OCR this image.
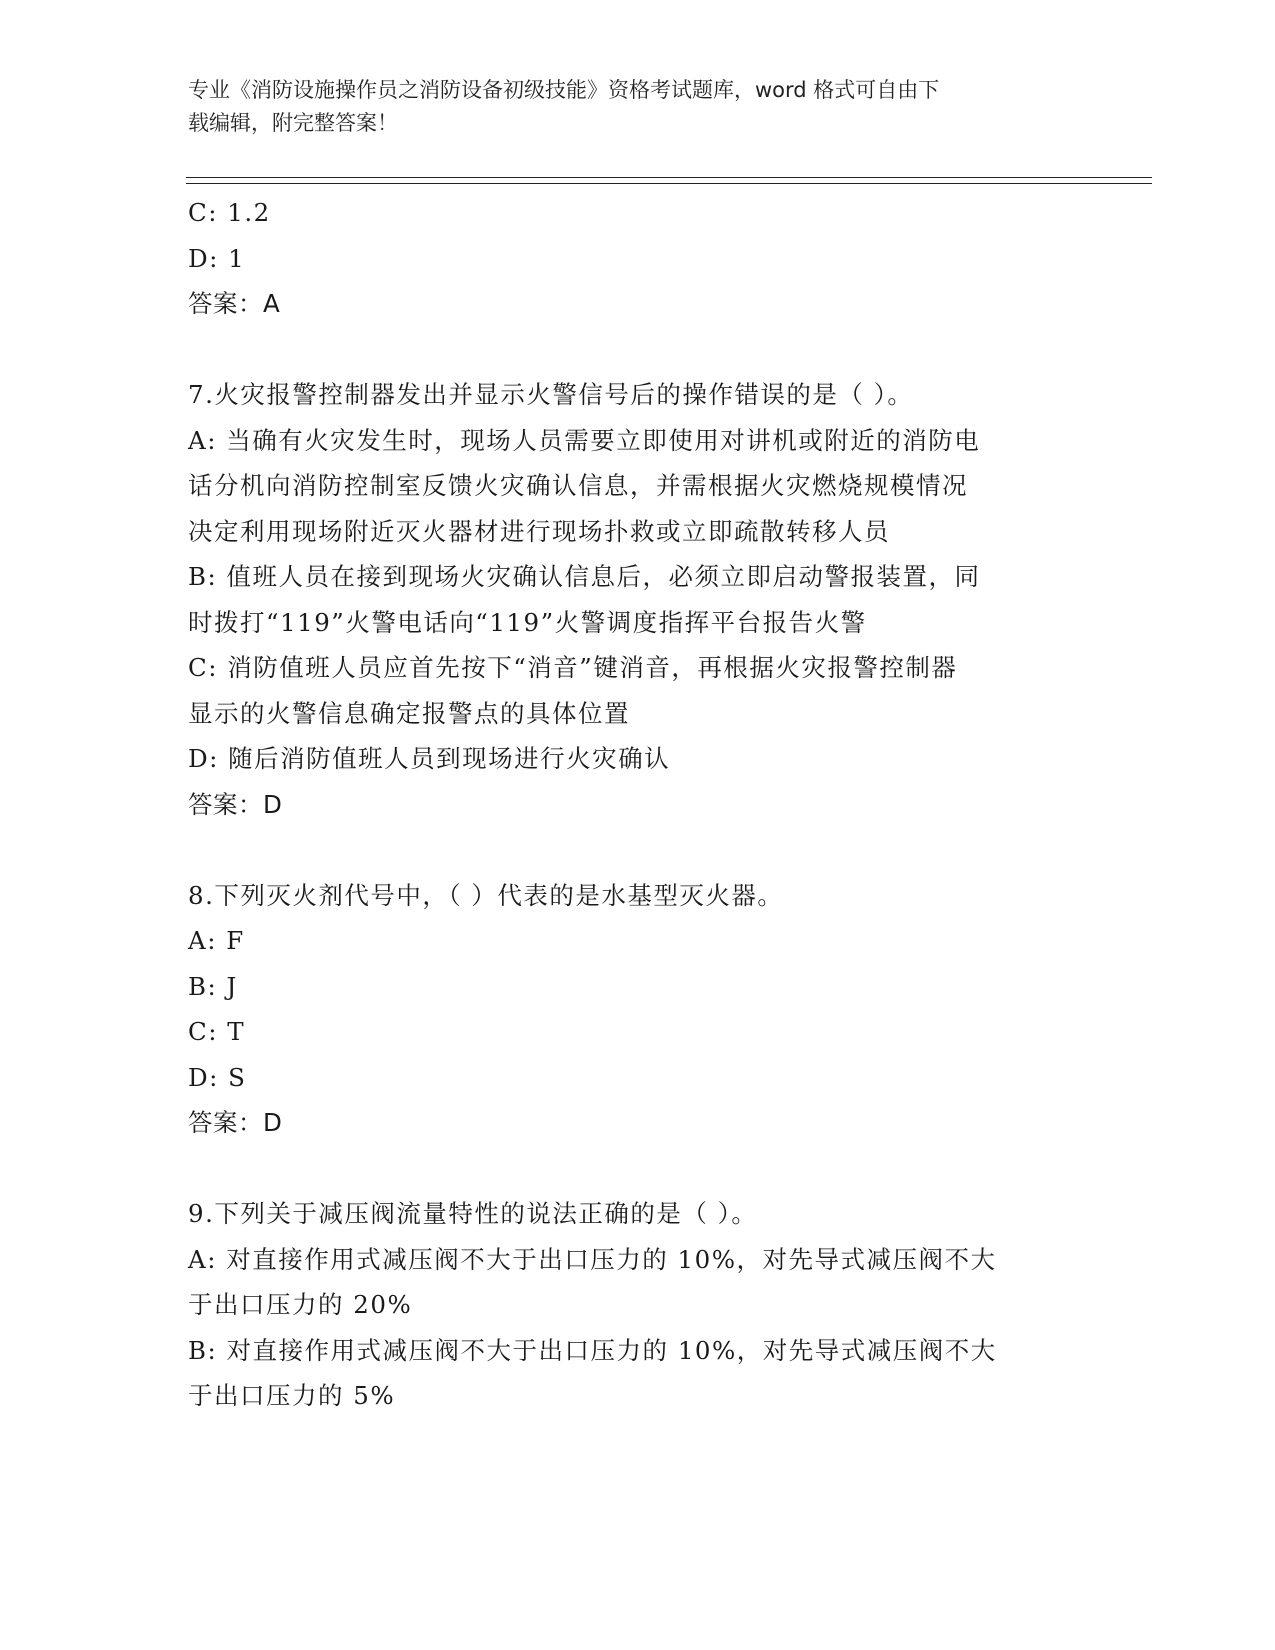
专业《消防设施操作员之消防设备初级技能》资格考试题库，word 格式可自由下
载编辑，附完整答案！
C: 1.2
D: 1
答案：A
7.火灾报警控制器发出并显示火警信号后的操作错误的是（ ）。
A: 当确有火灾发生时，现场人员需要立即使用对讲机或附近的消防电
话分机向消防控制室反馈火灾确认信息，并需根据火灾燃烧规模情况
决定利用现场附近灭火器材进行现场扑救或立即疏散转移人员
B: 值班人员在接到现场火灾确认信息后，必须立即启动警报装置，同
时拨打“119”火警电话向“119”火警调度指挥平台报告火警
C: 消防值班人员应首先按下“消音”键消音，再根据火灾报警控制器
显示的火警信息确定报警点的具体位置
D: 随后消防值班人员到现场进行火灾确认
答案：D
8.下列灭火剂代号中，（ ）代表的是水基型灭火器。
A: F
B: J
C: T
D: S
答案：D
9.下列关于减压阀流量特性的说法正确的是（ ）。
A: 对直接作用式减压阀不大于出口压力的 10%，对先导式减压阀不大
于出口压力的 20%
B: 对直接作用式减压阀不大于出口压力的 10%，对先导式减压阀不大
于出口压力的 5%
